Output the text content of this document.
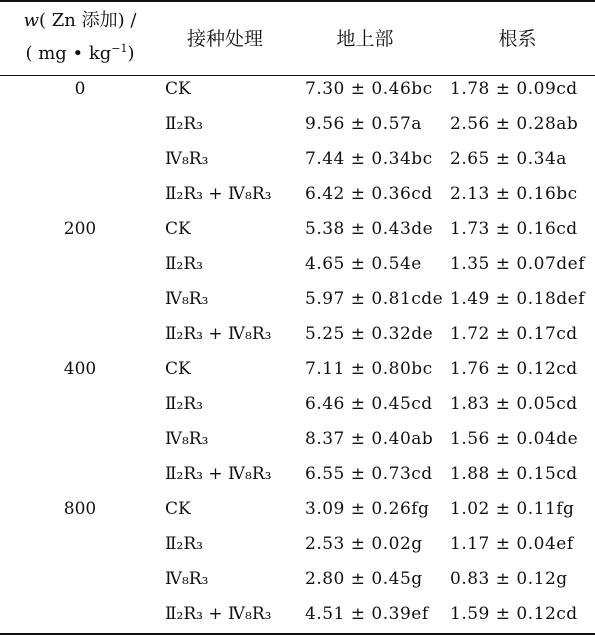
w( Zn 添加) /
( mg • $kg^{-1}$)
接种处理	地上部	根系
0	CK	7.30 ± 0.46bc	1.78 ± 0.09cd
Ⅱ₂R₃	9.56 ± 0.57a	2.56 ± 0.28ab
Ⅳ₈R₃	7.44 ± 0.34bc	2.65 ± 0.34a
Ⅱ₂R₃ + Ⅳ₈R₃	6.42 ± 0.36cd	2.13 ± 0.16bc
200	CK	5.38 ± 0.43de 1.73 ± 0.16cd
Ⅱ₂R₃	4.65 ± 0.54e	1.35 ± 0.07def
Ⅳ₈R₃	5.97 ± 0.81cde 1.49 ± 0.18def
Ⅱ₂R₃ + Ⅳ₈R₃	5.25 ± 0.32de 1.72 ± 0.17cd
400	CK	7.11 ± 0.80bc	1.76 ± 0.12cd
Ⅱ₂R₃	6.46 ± 0.45cd	1.83 ± 0.05cd
Ⅳ₈R₃	8.37 ± 0.40ab 1.56 ± 0.04de
Ⅱ₂R₃ + Ⅳ₈R₃	6.55 ± 0.73cd	1.88 ± 0.15cd
800	CK	3.09 ± 0.26fg	1.02 ± 0.11fg
Ⅱ₂R₃	2.53 ± 0.02g	1.17 ± 0.04ef
Ⅳ₈R₃	2.80 ± 0.45g	0.83 ± 0.12g
Ⅱ₂R₃ + Ⅳ₈R₃	4.51 ± 0.39ef	1.59 ± 0.12cd
